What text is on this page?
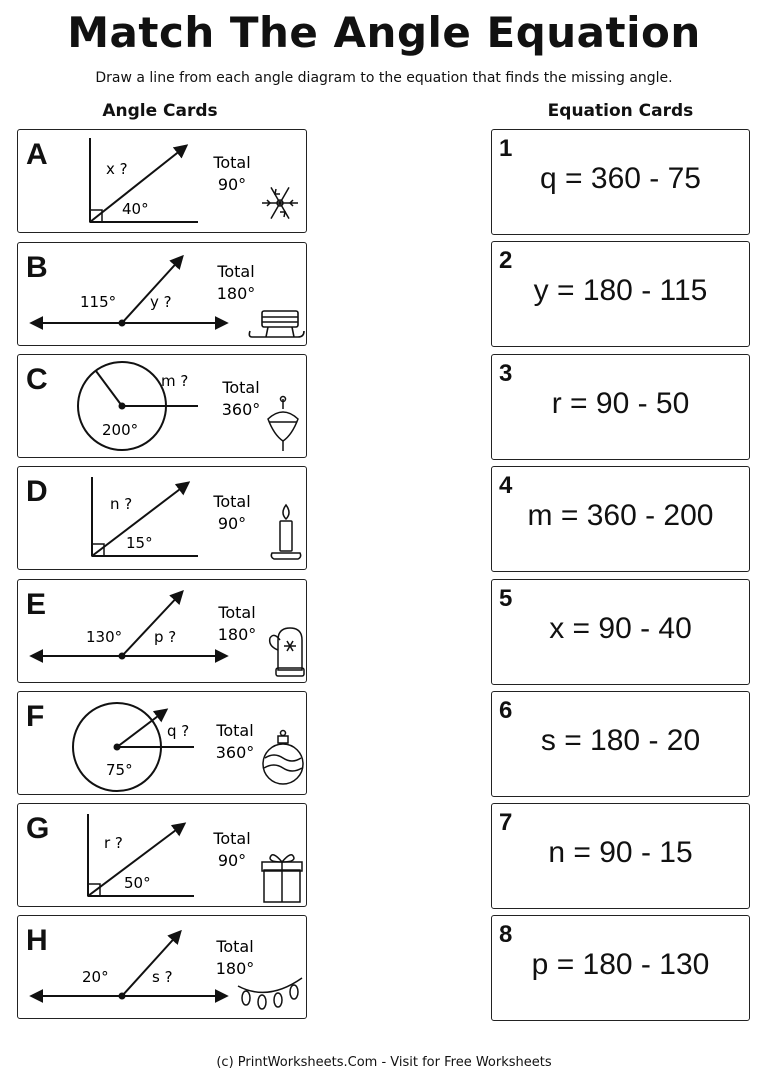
Match The Angle Equation
Draw a line from each angle diagram to the equation that finds the missing angle.
Angle Cards	Equation Cards
A	x ?
40°
Total
90°
B
115° y ?
Total
180°
C	m ?
200°
Total
360°
D	n ?
15°
Total
90°
E
130° p ?
Total
180°
F	q ?
75°
Total
360°
G	r ?
50°
Total
90°
H
20°	s ?
Total
180°
1
q = 360 - 75
2
y = 180 - 115
3
r = 90 - 50
4
m = 360 - 200
5
x = 90 - 40
6
s = 180 - 20
7
n = 90 - 15
8
p = 180 - 130
(c) PrintWorksheets.Com - Visit for Free Worksheets
